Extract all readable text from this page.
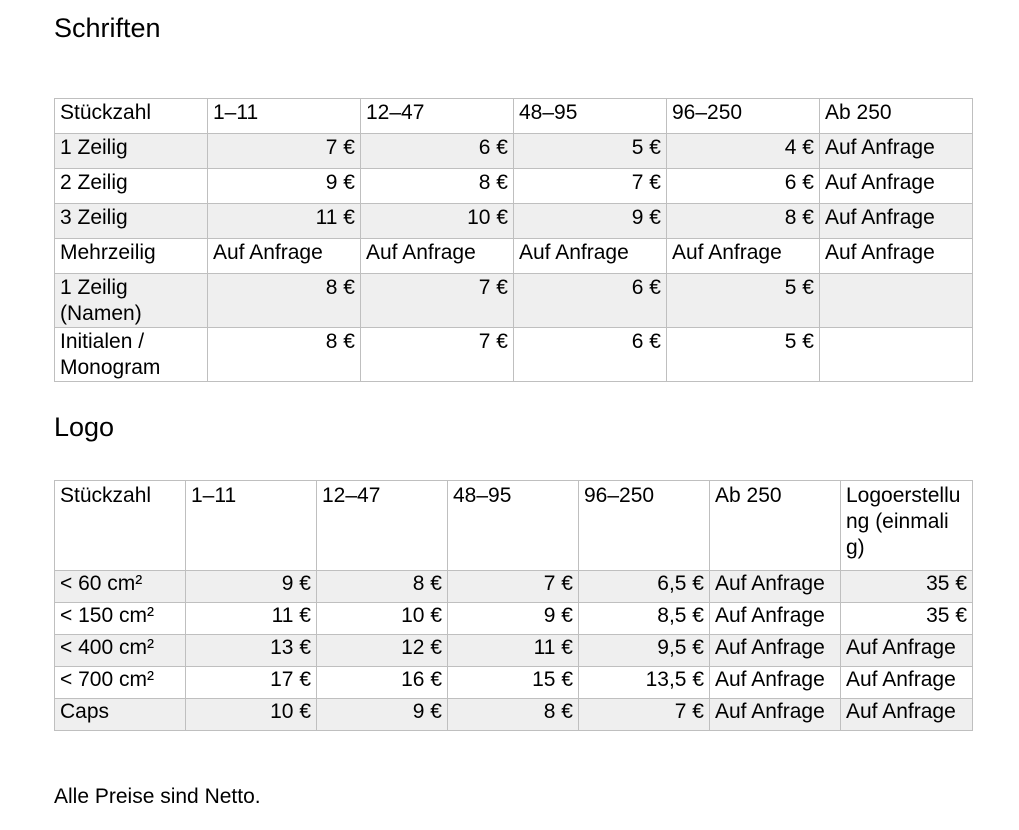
Schriften
Stückzahl	1–11	12–47	48–95	96–250	Ab 250
1 Zeilig	7 €	6 €	5 €	4 €	Auf Anfrage
2 Zeilig	9 €	8 €	7 €	6 €	Auf Anfrage
3 Zeilig	11 €	10 €	9 €	8 €	Auf Anfrage
Mehrzeilig	Auf Anfrage	Auf Anfrage	Auf Anfrage	Auf Anfrage	Auf Anfrage
1 Zeilig (Namen)	8 €	7 €	6 €	5 €	
Initialen / Monogram	8 €	7 €	6 €	5 €	
Logo
Stückzahl	1–11	12–47	48–95	96–250	Ab 250	Logoerstellung (einmalig)
< 60 cm²	9 €	8 €	7 €	6,5 €	Auf Anfrage	35 €
< 150 cm²	11 €	10 €	9 €	8,5 €	Auf Anfrage	35 €
< 400 cm²	13 €	12 €	11 €	9,5 €	Auf Anfrage	Auf Anfrage
< 700 cm²	17 €	16 €	15 €	13,5 €	Auf Anfrage	Auf Anfrage
Caps	10 €	9 €	8 €	7 €	Auf Anfrage	Auf Anfrage

Alle Preise sind Netto.
